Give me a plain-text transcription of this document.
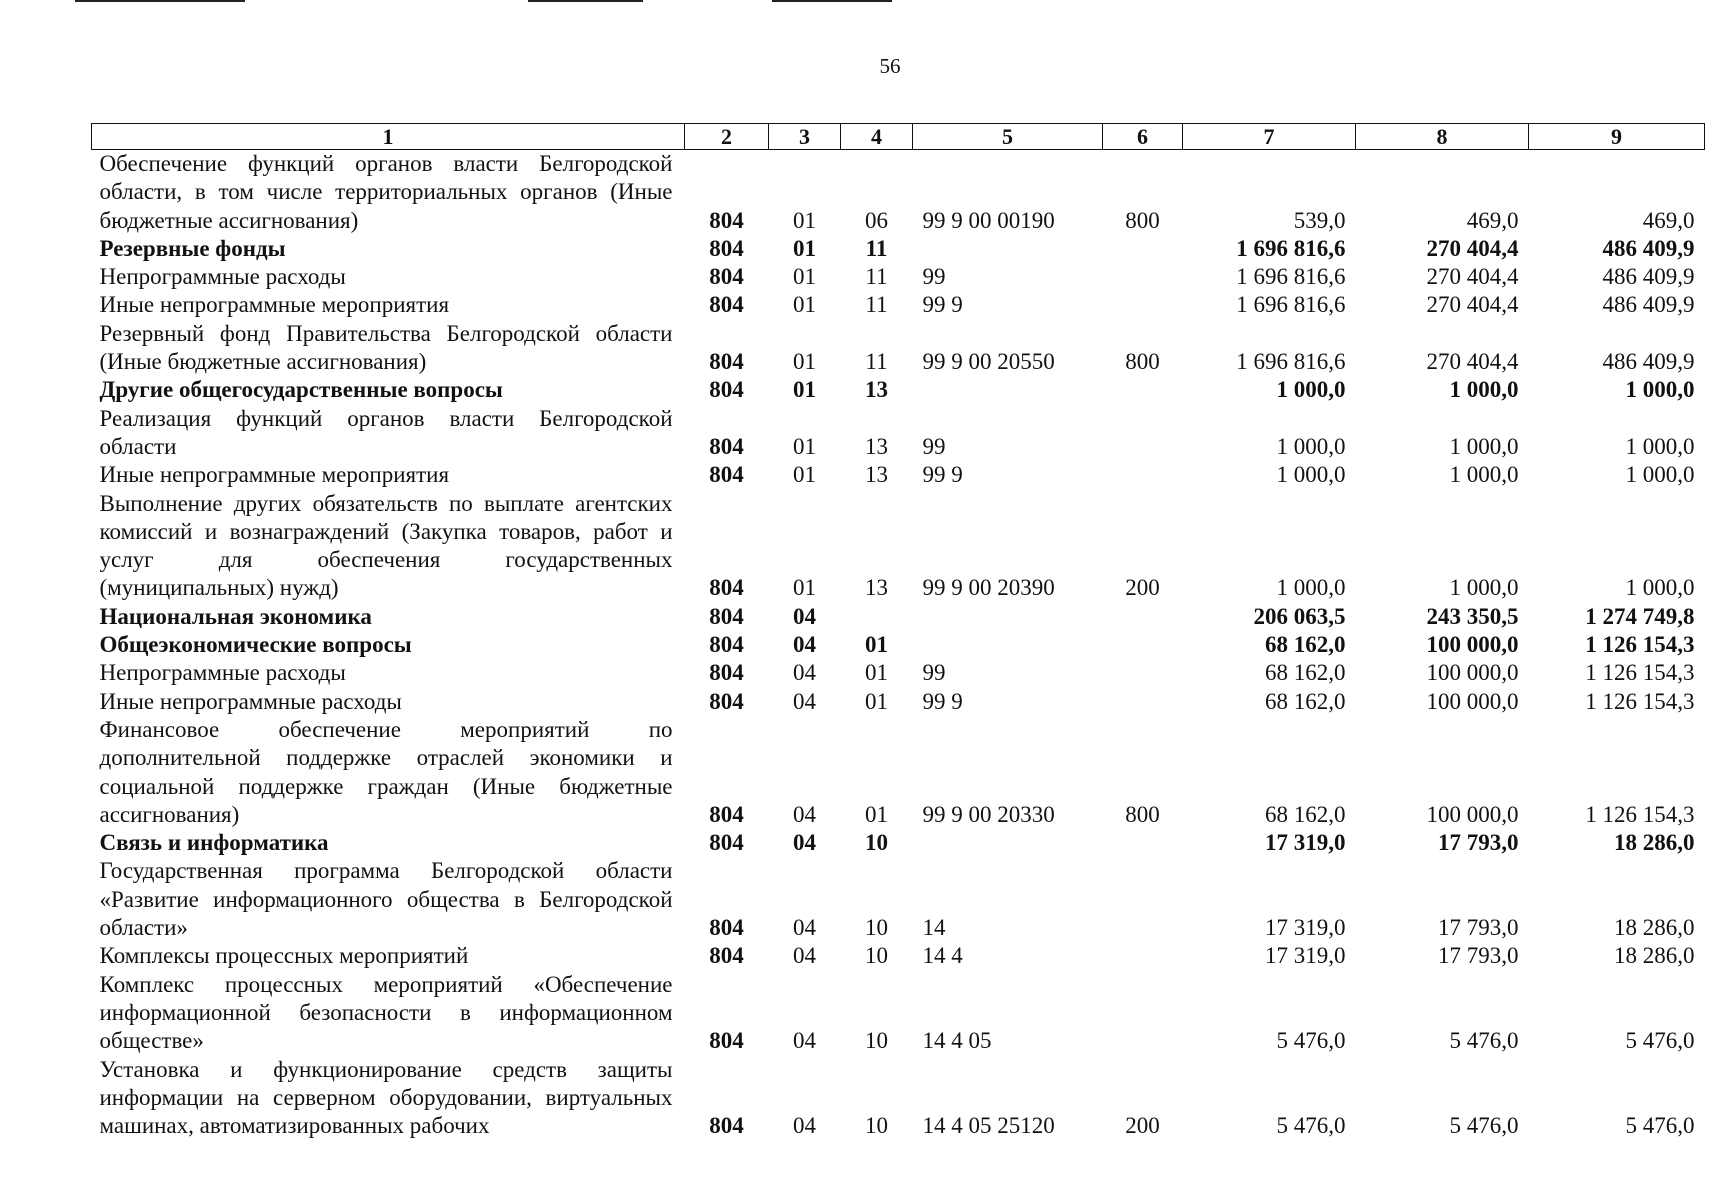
56
1	2	3	4	5	6	7	8	9
Обеспечение функций органов власти Белгородской области, в том числе территориальных органов (Иные бюджетные ассигнования)	804	01	06	99 9 00 00190	800	539,0	469,0	469,0
Резервные фонды	804	01	11			1 696 816,6	270 404,4	486 409,9
Непрограммные расходы	804	01	11	99		1 696 816,6	270 404,4	486 409,9
Иные непрограммные мероприятия	804	01	11	99 9		1 696 816,6	270 404,4	486 409,9
Резервный фонд Правительства Белгородской области (Иные бюджетные ассигнования)	804	01	11	99 9 00 20550	800	1 696 816,6	270 404,4	486 409,9
Другие общегосударственные вопросы	804	01	13			1 000,0	1 000,0	1 000,0
Реализация функций органов власти Белгородской области	804	01	13	99		1 000,0	1 000,0	1 000,0
Иные непрограммные мероприятия	804	01	13	99 9		1 000,0	1 000,0	1 000,0
Выполнение других обязательств по выплате агентских комиссий и вознаграждений (Закупка товаров, работ и услуг для обеспечения государственных (муниципальных) нужд)	804	01	13	99 9 00 20390	200	1 000,0	1 000,0	1 000,0
Национальная экономика	804	04				206 063,5	243 350,5	1 274 749,8
Общеэкономические вопросы	804	04	01			68 162,0	100 000,0	1 126 154,3
Непрограммные расходы	804	04	01	99		68 162,0	100 000,0	1 126 154,3
Иные непрограммные расходы	804	04	01	99 9		68 162,0	100 000,0	1 126 154,3
Финансовое обеспечение мероприятий по дополнительной поддержке отраслей экономики и социальной поддержке граждан (Иные бюджетные ассигнования)	804	04	01	99 9 00 20330	800	68 162,0	100 000,0	1 126 154,3
Связь и информатика	804	04	10			17 319,0	17 793,0	18 286,0
Государственная программа Белгородской области «Развитие информационного общества в Белгородской области»	804	04	10	14		17 319,0	17 793,0	18 286,0
Комплексы процессных мероприятий	804	04	10	14 4		17 319,0	17 793,0	18 286,0
Комплекс процессных мероприятий «Обеспечение информационной безопасности в информационном обществе»	804	04	10	14 4 05		5 476,0	5 476,0	5 476,0
Установка и функционирование средств защиты информации на серверном оборудовании, виртуальных машинах, автоматизированных рабочих	804	04	10	14 4 05 25120	200	5 476,0	5 476,0	5 476,0
